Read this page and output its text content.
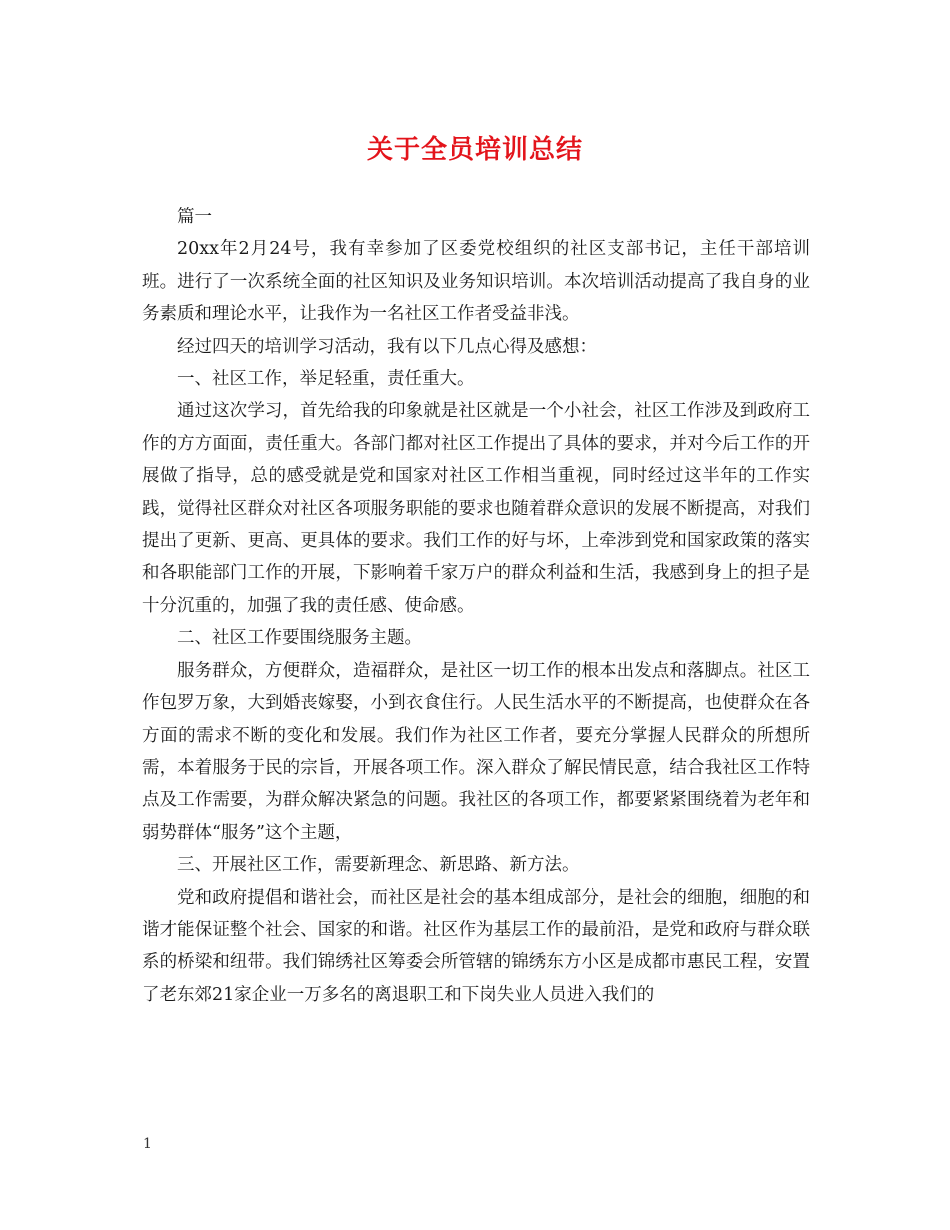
关于全员培训总结

篇一

20xx年2月24号，我有幸参加了区委党校组织的社区支部书记，主任干部培训班。进行了一次系统全面的社区知识及业务知识培训。本次培训活动提高了我自身的业务素质和理论水平，让我作为一名社区工作者受益非浅。

经过四天的培训学习活动，我有以下几点心得及感想：

一、社区工作，举足轻重，责任重大。

通过这次学习，首先给我的印象就是社区就是一个小社会，社区工作涉及到政府工作的方方面面，责任重大。各部门都对社区工作提出了具体的要求，并对今后工作的开展做了指导，总的感受就是党和国家对社区工作相当重视，同时经过这半年的工作实践，觉得社区群众对社区各项服务职能的要求也随着群众意识的发展不断提高，对我们提出了更新、更高、更具体的要求。我们工作的好与坏，上牵涉到党和国家政策的落实和各职能部门工作的开展，下影响着千家万户的群众利益和生活，我感到身上的担子是十分沉重的，加强了我的责任感、使命感。

二、社区工作要围绕服务主题。

服务群众，方便群众，造福群众，是社区一切工作的根本出发点和落脚点。社区工作包罗万象，大到婚丧嫁娶，小到衣食住行。人民生活水平的不断提高，也使群众在各方面的需求不断的变化和发展。我们作为社区工作者，要充分掌握人民群众的所想所需，本着服务于民的宗旨，开展各项工作。深入群众了解民情民意，结合我社区工作特点及工作需要，为群众解决紧急的问题。我社区的各项工作，都要紧紧围绕着为老年和弱势群体“服务”这个主题，

三、开展社区工作，需要新理念、新思路、新方法。

党和政府提倡和谐社会，而社区是社会的基本组成部分，是社会的细胞，细胞的和谐才能保证整个社会、国家的和谐。社区作为基层工作的最前沿，是党和政府与群众联系的桥梁和纽带。我们锦绣社区筹委会所管辖的锦绣东方小区是成都市惠民工程，安置了老东郊21家企业一万多名的离退职工和下岗失业人员进入我们的

1
